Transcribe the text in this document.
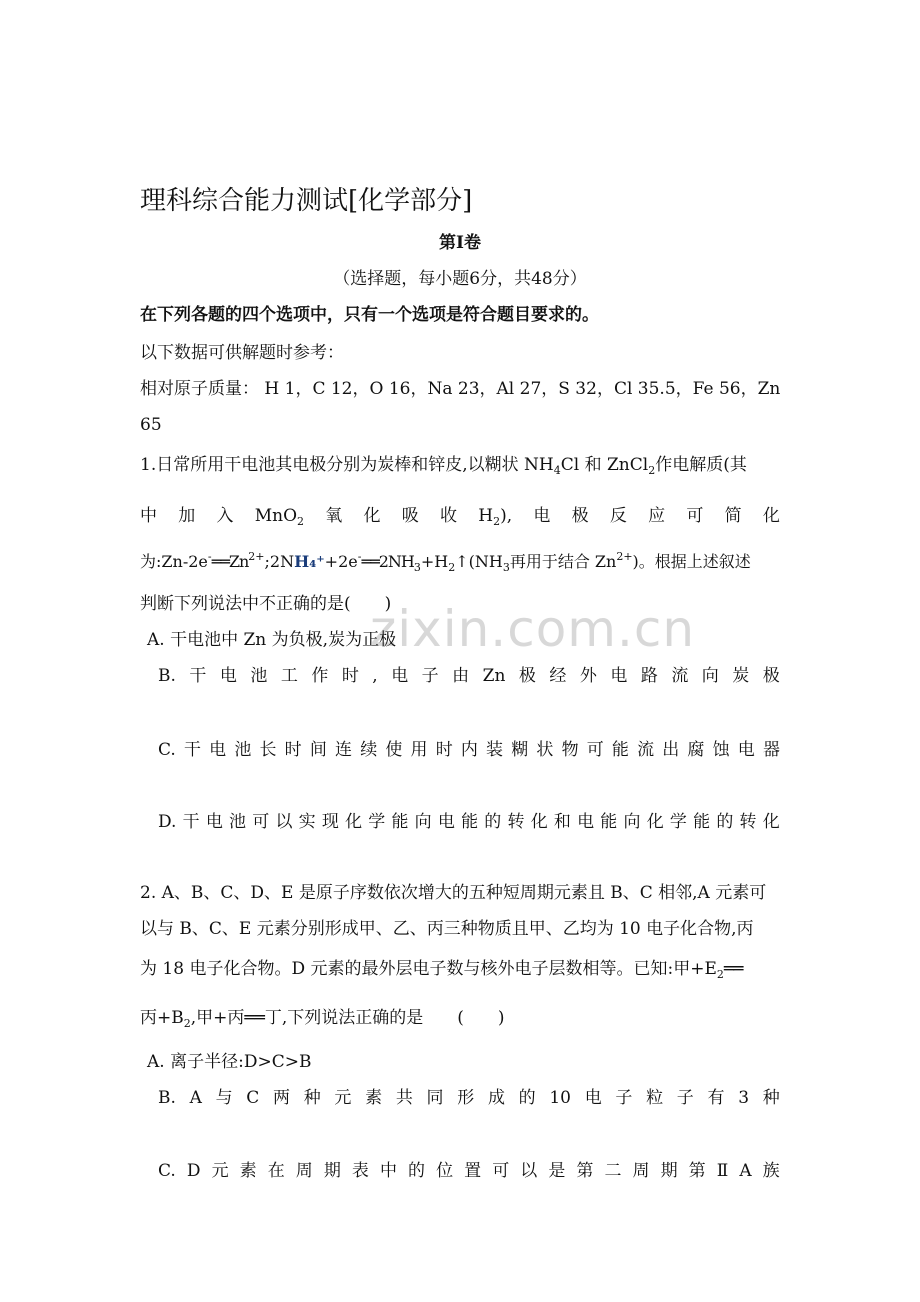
zixin.com.cn
理科综合能力测试[化学部分]
第Ⅰ卷
（选择题，每小题6分，共48分）
在下列各题的四个选项中，只有一个选项是符合题目要求的。
以下数据可供解题时参考：
相对原子质量： H 1，C 12，O 16，Na 23，Al 27，S 32，Cl 35.5，Fe 56，Zn
65
1.日常所用干电池其电极分别为炭棒和锌皮,以糊状 $NH_4Cl$ 和 ZnCl$_2$作电解质(其
中 加 入 MnO$_2$ 氧 化 吸 收 $H_2$), 电 极 反 应 可 简 化
为$:Zn-2e^-══Zn^{2+};2NH_4^++2e^-══2NH_3+H_2↑(NH_3$再用于结合 $Zn^{2+}$)。根据上述叙述
判断下列说法中不正确的是(　　)
A. 干电池中 Zn 为负极,炭为正极
B. 干 电 池 工 作 时 , 电 子 由 Zn 极 经 外 电 路 流 向 炭 极
C. 干 电 池 长 时 间 连 续 使 用 时 内 装 糊 状 物 可 能 流 出 腐 蚀 电 器
D. 干 电 池 可 以 实 现 化 学 能 向 电 能 的 转 化 和 电 能 向 化 学 能 的 转 化
2. A、B、C、D、E 是原子序数依次增大的五种短周期元素且 B、C 相邻,A 元素可
以与 B、C、E 元素分别形成甲、乙、丙三种物质且甲、乙均为 10 电子化合物,丙
为 18 电子化合物。D 元素的最外层电子数与核外电子层数相等。已知:甲$+E_2══$
丙$+B_2$,甲+丙══丁,下列说法正确的是　　(　　)
A. 离子半径:D>C>B
B. A 与 C 两 种 元 素 共 同 形 成 的 10 电 子 粒 子 有 3 种
C. D 元 素 在 周 期 表 中 的 位 置 可 以 是 第 二 周 期 第 Ⅱ A 族
